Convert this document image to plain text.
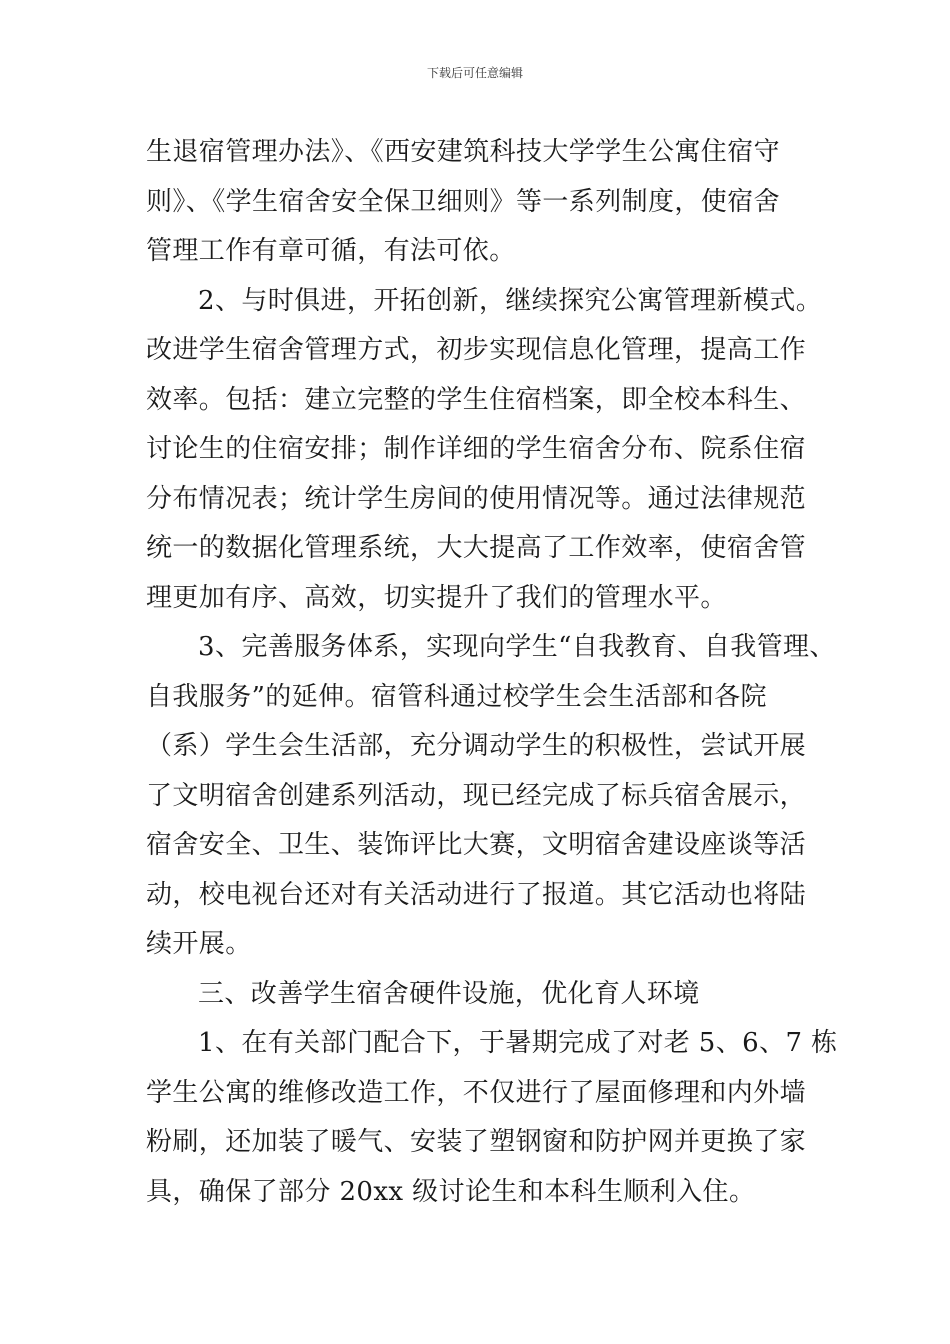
下载后可任意编辑
生退宿管理办法》、《西安建筑科技大学学生公寓住宿守
则》、《学生宿舍安全保卫细则》等一系列制度，使宿舍
管理工作有章可循，有法可依。
2、与时俱进，开拓创新，继续探究公寓管理新模式。
改进学生宿舍管理方式，初步实现信息化管理，提高工作
效率。包括：建立完整的学生住宿档案，即全校本科生、
讨论生的住宿安排；制作详细的学生宿舍分布、院系住宿
分布情况表；统计学生房间的使用情况等。通过法律规范
统一的数据化管理系统，大大提高了工作效率，使宿舍管
理更加有序、高效，切实提升了我们的管理水平。
3、完善服务体系，实现向学生“自我教育、自我管理、
自我服务”的延伸。宿管科通过校学生会生活部和各院
（系）学生会生活部，充分调动学生的积极性，尝试开展
了文明宿舍创建系列活动，现已经完成了标兵宿舍展示，
宿舍安全、卫生、装饰评比大赛，文明宿舍建设座谈等活
动，校电视台还对有关活动进行了报道。其它活动也将陆
续开展。
三、改善学生宿舍硬件设施，优化育人环境
1、在有关部门配合下，于暑期完成了对老 5、6、7 栋
学生公寓的维修改造工作，不仅进行了屋面修理和内外墙
粉刷，还加装了暖气、安装了塑钢窗和防护网并更换了家
具，确保了部分 20xx 级讨论生和本科生顺利入住。
